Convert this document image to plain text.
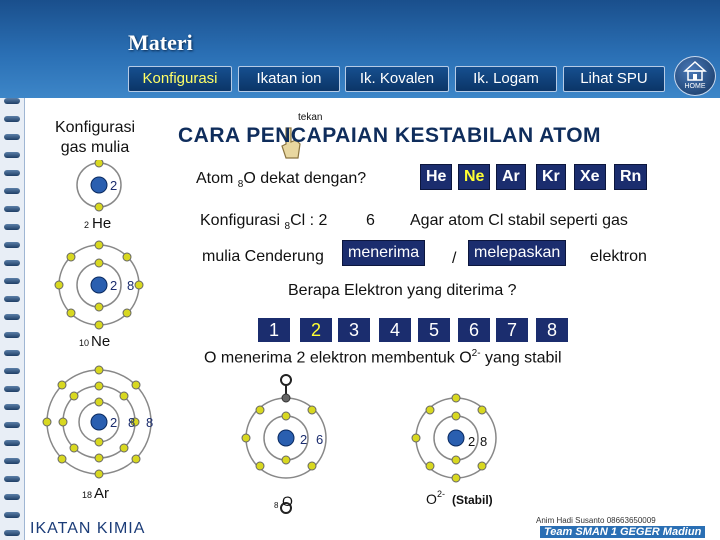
Materi
Konfigurasi	Ikatan ion	Ik. Kovalen	Ik. Logam	Lihat SPU	HOME
Konfigurasi
gas mulia
2
2 He
2 8
10 Ne
2 8 8
18 Ar
IKATAN KIMIA
tekan
CARA PENCAPAIAN KESTABILAN ATOM
Atom $_8$O dekat dengan?	He	Ne	Ar	Kr	Xe	Rn
Konfigurasi $_8$Cl : 2 6 Agar atom Cl stabil seperti gas
mulia Cenderung	menerima	/	melepaskan	elektron
Berapa Elektron yang diterima ?
1	2	3	4	5	6	7	8
O menerima 2 elektron membentuk $O^{2-}$ yang stabil
2 6
8 O
2 8
O 2- (Stabil)
Anim Hadi Susanto 08663650009
Team SMAN 1 GEGER Madiun
